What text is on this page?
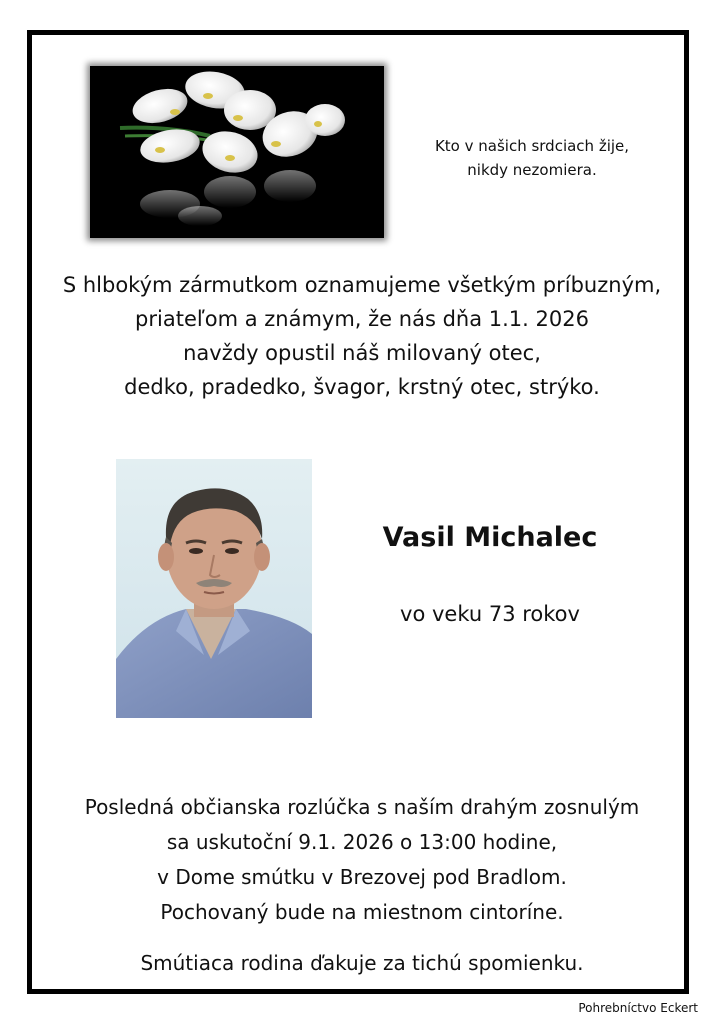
Kto v našich srdciach žije,
nikdy nezomiera.
S hlbokým zármutkom oznamujeme všetkým príbuzným,
priateľom a známym, že nás dňa 1.1. 2026
navždy opustil náš milovaný otec,
dedko, pradedko, švagor, krstný otec, strýko.
Vasil Michalec
vo veku 73 rokov
Posledná občianska rozlúčka s naším drahým zosnulým
sa uskutoční 9.1. 2026 o 13:00 hodine,
v Dome smútku v Brezovej pod Bradlom.
Pochovaný bude na miestnom cintoríne.
Smútiaca rodina ďakuje za tichú spomienku.
Pohrebníctvo Eckert
